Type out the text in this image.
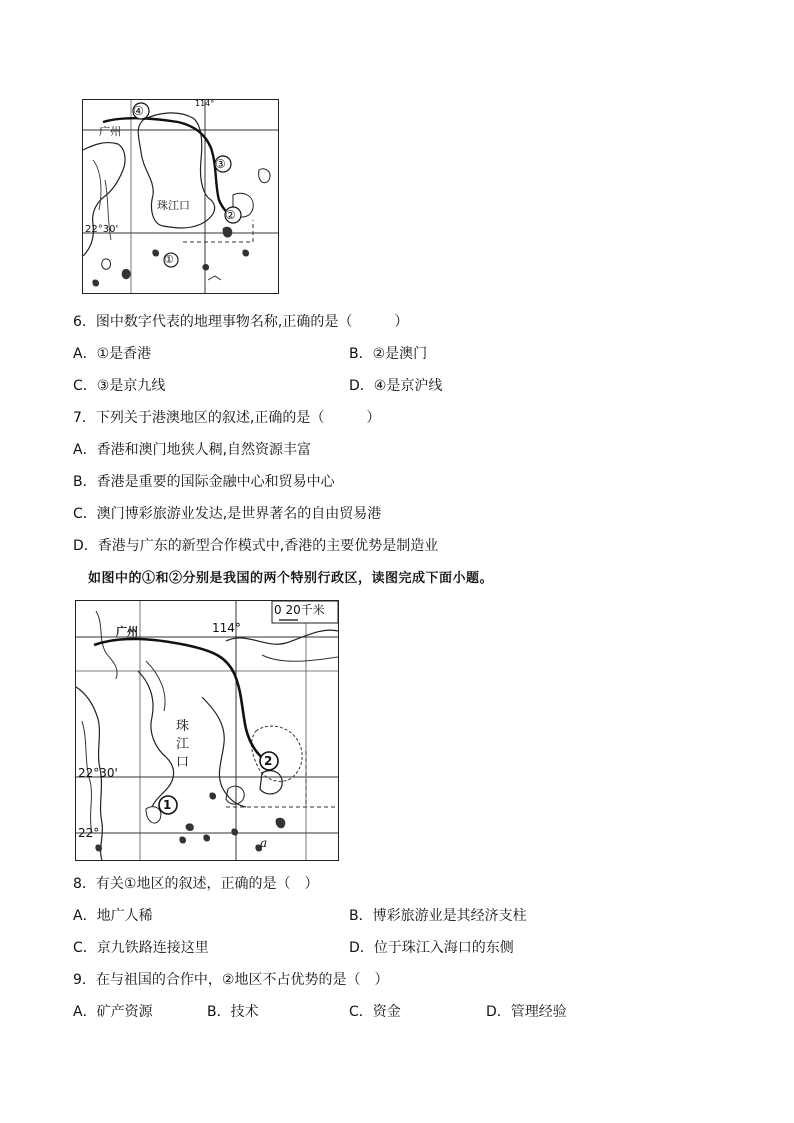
④
114°
广州
③
珠江口
②
22°30'
①
6．图中数字代表的地理事物名称,正确的是（　　　）
A．①是香港	B．②是澳门
C．③是京九线	D．④是京沪线
7．下列关于港澳地区的叙述,正确的是（　　　）
A．香港和澳门地狭人稠,自然资源丰富
B．香港是重要的国际金融中心和贸易中心
C．澳门博彩旅游业发达,是世界著名的自由贸易港
D．香港与广东的新型合作模式中,香港的主要优势是制造业
如图中的①和②分别是我国的两个特别行政区，读图完成下面小题。
0 20千米
114°
广州
珠
江
口
22°30'
22°
1
2
a
8．有关①地区的叙述，正确的是（　）
A．地广人稀	B．博彩旅游业是其经济支柱
C．京九铁路连接这里	D．位于珠江入海口的东侧
9．在与祖国的合作中，②地区不占优势的是（　）
A．矿产资源	B．技术	C．资金	D．管理经验
